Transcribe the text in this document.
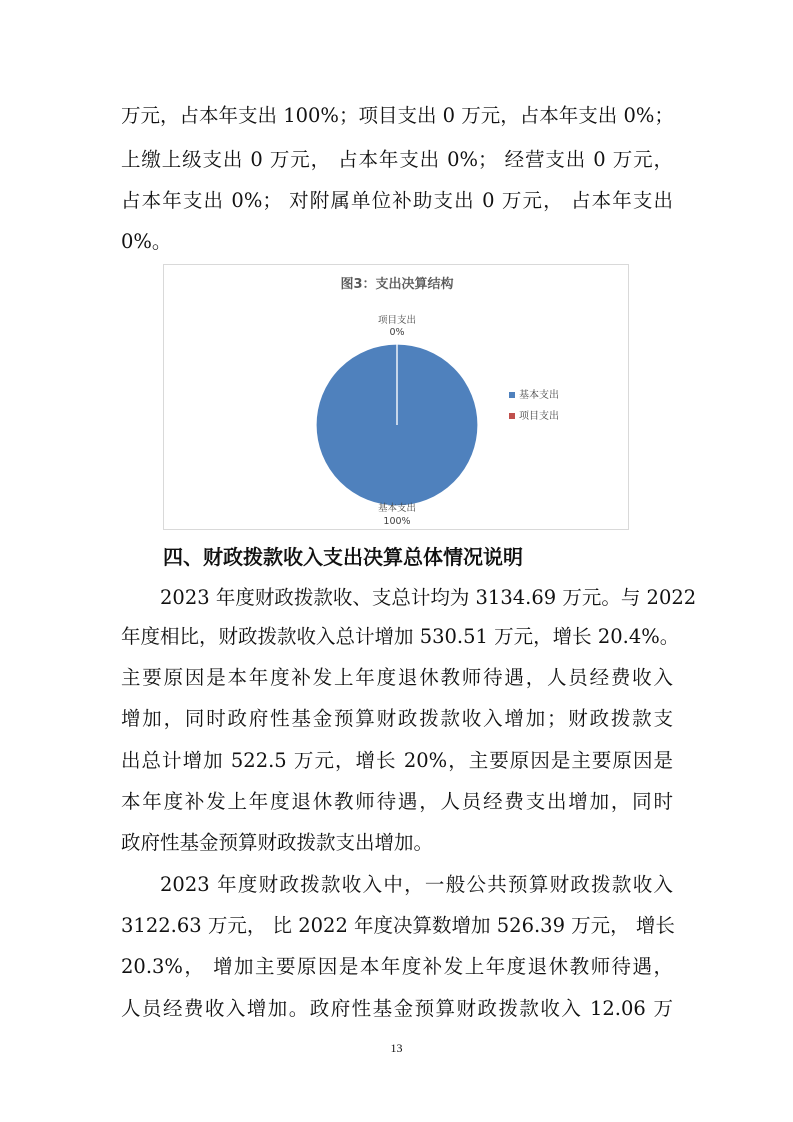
万元，占本年支出 100%；项目支出 0 万元，占本年支出 0%；
上缴上级支出 0 万元， 占本年支出 0%； 经营支出 0 万元，
占本年支出 0%； 对附属单位补助支出 0 万元， 占本年支出
0%。
图3：支出决算结构
项目支出
0%
基本支出
100%
基本支出
项目支出
四、财政拨款收入支出决算总体情况说明
2023 年度财政拨款收、支总计均为 3134.69 万元。与 2022
年度相比，财政拨款收入总计增加 530.51 万元，增长 20.4%。
主要原因是本年度补发上年度退休教师待遇，人员经费收入
增加，同时政府性基金预算财政拨款收入增加；财政拨款支
出总计增加 522.5 万元，增长 20%，主要原因是主要原因是
本年度补发上年度退休教师待遇，人员经费支出增加，同时
政府性基金预算财政拨款支出增加。
2023 年度财政拨款收入中，一般公共预算财政拨款收入
3122.63 万元， 比 2022 年度决算数增加 526.39 万元， 增长
20.3%， 增加主要原因是本年度补发上年度退休教师待遇，
人员经费收入增加。政府性基金预算财政拨款收入 12.06 万
13
